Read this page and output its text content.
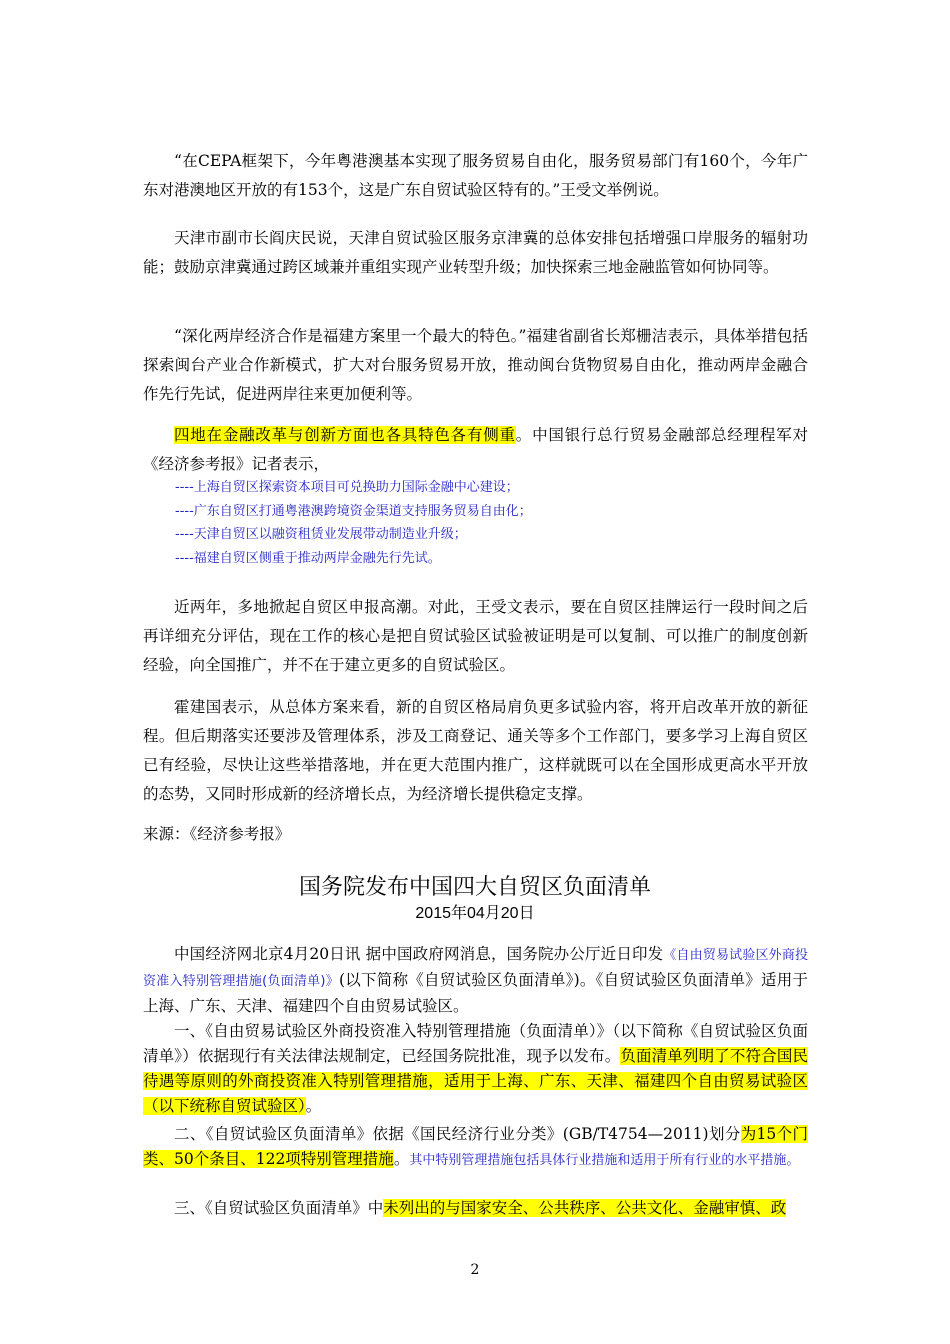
“在CEPA框架下，今年粤港澳基本实现了服务贸易自由化，服务贸易部门有160个，今年广东对港澳地区开放的有153个，这是广东自贸试验区特有的。”王受文举例说。
天津市副市长阎庆民说，天津自贸试验区服务京津冀的总体安排包括增强口岸服务的辐射功能；鼓励京津冀通过跨区域兼并重组实现产业转型升级；加快探索三地金融监管如何协同等。
“深化两岸经济合作是福建方案里一个最大的特色。”福建省副省长郑栅洁表示，具体举措包括探索闽台产业合作新模式，扩大对台服务贸易开放，推动闽台货物贸易自由化，推动两岸金融合作先行先试，促进两岸往来更加便利等。
四地在金融改革与创新方面也各具特色各有侧重。中国银行总行贸易金融部总经理程军对《经济参考报》记者表示，
----上海自贸区探索资本项目可兑换助力国际金融中心建设；
----广东自贸区打通粤港澳跨境资金渠道支持服务贸易自由化；
----天津自贸区以融资租赁业发展带动制造业升级；
----福建自贸区侧重于推动两岸金融先行先试。
近两年，多地掀起自贸区申报高潮。对此，王受文表示，要在自贸区挂牌运行一段时间之后再详细充分评估，现在工作的核心是把自贸试验区试验被证明是可以复制、可以推广的制度创新经验，向全国推广，并不在于建立更多的自贸试验区。
霍建国表示，从总体方案来看，新的自贸区格局肩负更多试验内容，将开启改革开放的新征程。但后期落实还要涉及管理体系，涉及工商登记、通关等多个工作部门，要多学习上海自贸区已有经验，尽快让这些举措落地，并在更大范围内推广，这样就既可以在全国形成更高水平开放的态势，又同时形成新的经济增长点，为经济增长提供稳定支撑。
来源：《经济参考报》
国务院发布中国四大自贸区负面清单
2015年04月20日
中国经济网北京4月20日讯 据中国政府网消息，国务院办公厅近日印发《自由贸易试验区外商投资准入特别管理措施(负面清单)》(以下简称《自贸试验区负面清单》)。《自贸试验区负面清单》适用于上海、广东、天津、福建四个自由贸易试验区。
一、《自由贸易试验区外商投资准入特别管理措施（负面清单）》（以下简称《自贸试验区负面清单》）依据现行有关法律法规制定，已经国务院批准，现予以发布。负面清单列明了不符合国民待遇等原则的外商投资准入特别管理措施，适用于上海、广东、天津、福建四个自由贸易试验区（以下统称自贸试验区）。
二、《自贸试验区负面清单》依据《国民经济行业分类》(GB/T4754—2011)划分为15个门类、50个条目、122项特别管理措施。其中特别管理措施包括具体行业措施和适用于所有行业的水平措施。
三、《自贸试验区负面清单》中未列出的与国家安全、公共秩序、公共文化、金融审慎、政
2
